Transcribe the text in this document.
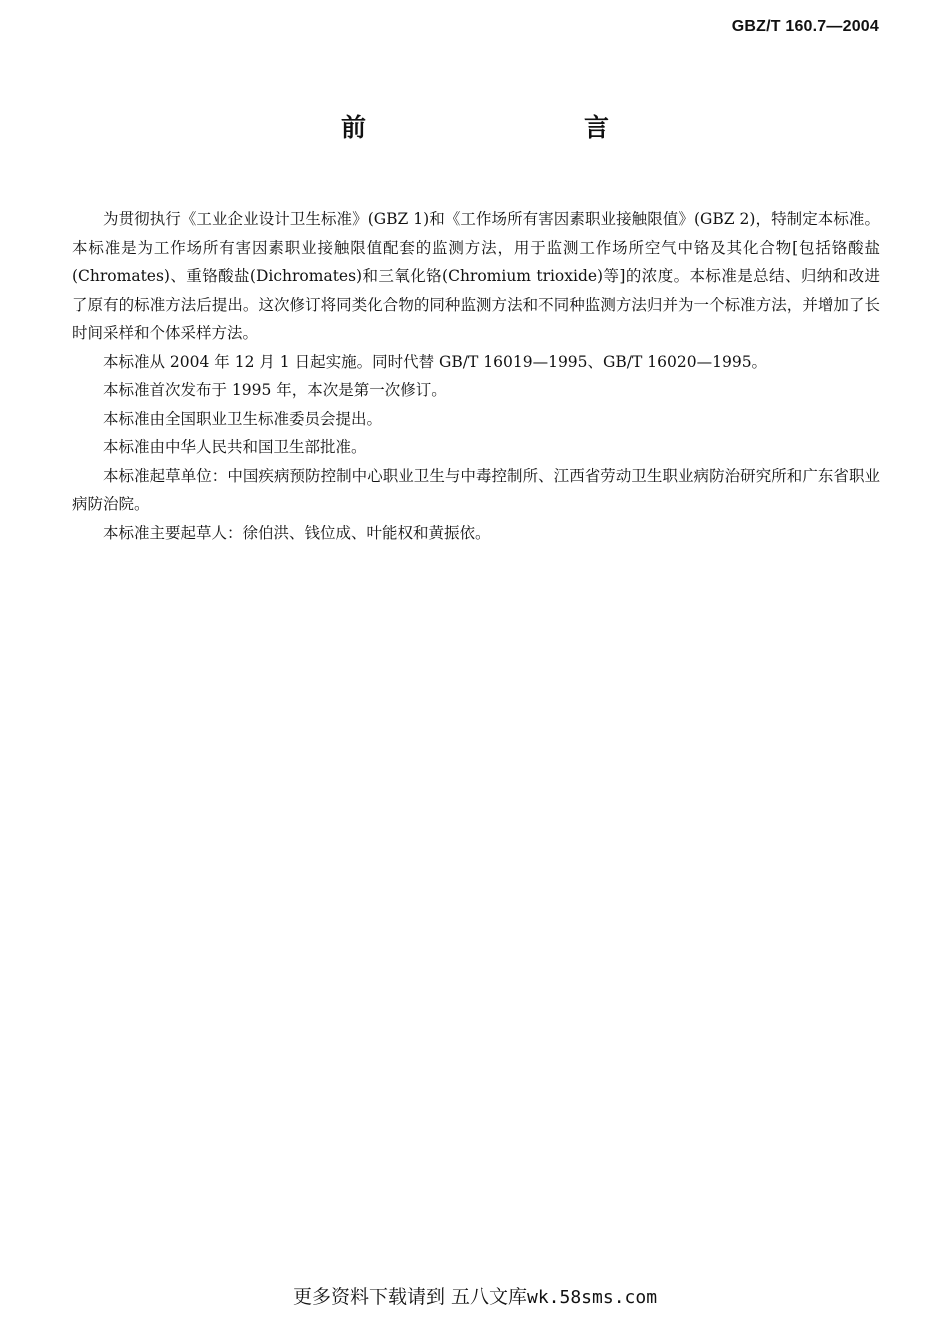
GBZ/T 160.7—2004
前　　言

为贯彻执行《工业企业设计卫生标准》(GBZ 1)和《工作场所有害因素职业接触限值》(GBZ 2)，特制定本标准。本标准是为工作场所有害因素职业接触限值配套的监测方法，用于监测工作场所空气中铬及其化合物[包括铬酸盐(Chromates)、重铬酸盐(Dichromates)和三氧化铬(Chromium trioxide)等]的浓度。本标准是总结、归纳和改进了原有的标准方法后提出。这次修订将同类化合物的同种监测方法和不同种监测方法归并为一个标准方法，并增加了长时间采样和个体采样方法。

本标准从 2004 年 12 月 1 日起实施。同时代替 GB/T 16019—1995、GB/T 16020—1995。

本标准首次发布于 1995 年，本次是第一次修订。

本标准由全国职业卫生标准委员会提出。

本标准由中华人民共和国卫生部批准。

本标准起草单位：中国疾病预防控制中心职业卫生与中毒控制所、江西省劳动卫生职业病防治研究所和广东省职业病防治院。

本标准主要起草人：徐伯洪、钱位成、叶能权和黄振依。

更多资料下载请到 五八文库wk.58sms.com
